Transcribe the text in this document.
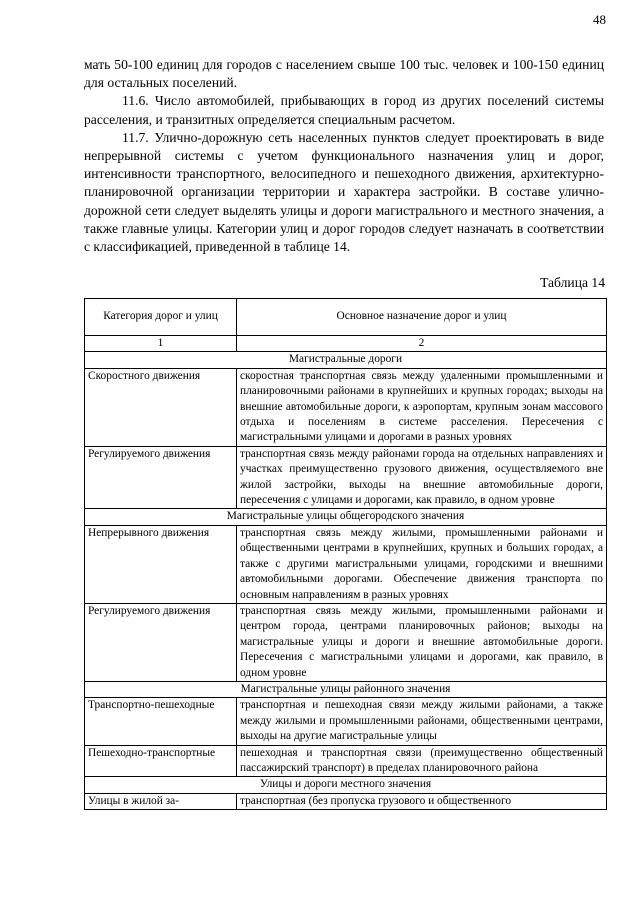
48

мать 50-100 единиц для городов с населением свыше 100 тыс. человек и 100-150 единиц для остальных поселений.

11.6. Число автомобилей, прибывающих в город из других поселений системы расселения, и транзитных определяется специальным расчетом.

11.7. Улично-дорожную сеть населенных пунктов следует проектировать в виде непрерывной системы с учетом функционального назначения улиц и дорог, интенсивности транспортного, велосипедного и пешеходного движения, архитектурно-планировочной организации территории и характера застройки. В составе улично-дорожной сети следует выделять улицы и дороги магистрального и местного значения, а также главные улицы. Категории улиц и дорог городов следует назначать в соответствии с классификацией, приведенной в таблице 14.

Таблица 14
Категория дорог и улиц	Основное назначение дорог и улиц
1	2
Магистральные дороги	
Скоростного движения	скоростная транспортная связь между удаленными промышленными и планировочными районами в крупнейших и крупных городах; выходы на внешние автомобильные дороги, к аэропортам, крупным зонам массового отдыха и поселениям в системе расселения. Пересечения с магистральными улицами и дорогами в разных уровнях
Регулируемого движения	транспортная связь между районами города на отдельных направлениях и участках преимущественно грузового движения, осуществляемого вне жилой застройки, выходы на внешние автомобильные дороги, пересечения с улицами и дорогами, как правило, в одном уровне
Магистральные улицы общегородского значения	
Непрерывного движения	транспортная связь между жилыми, промышленными районами и общественными центрами в крупнейших, крупных и больших городах, а также с другими магистральными улицами, городскими и внешними автомобильными дорогами. Обеспечение движения транспорта по основным направлениям в разных уровнях
Регулируемого движения	транспортная связь между жилыми, промышленными районами и центром города, центрами планировочных районов; выходы на магистральные улицы и дороги и внешние автомобильные дороги. Пересечения с магистральными улицами и дорогами, как правило, в одном уровне
Магистральные улицы районного значения	
Транспортно-пешеходные	транспортная и пешеходная связи между жилыми районами, а также между жилыми и промышленными районами, общественными центрами, выходы на другие магистральные улицы
Пешеходно-транспортные	пешеходная и транспортная связи (преимущественно общественный пассажирский транспорт) в пределах планировочного района
Улицы и дороги местного значения	
Улицы в жилой за-	транспортная (без пропуска грузового и общественного
